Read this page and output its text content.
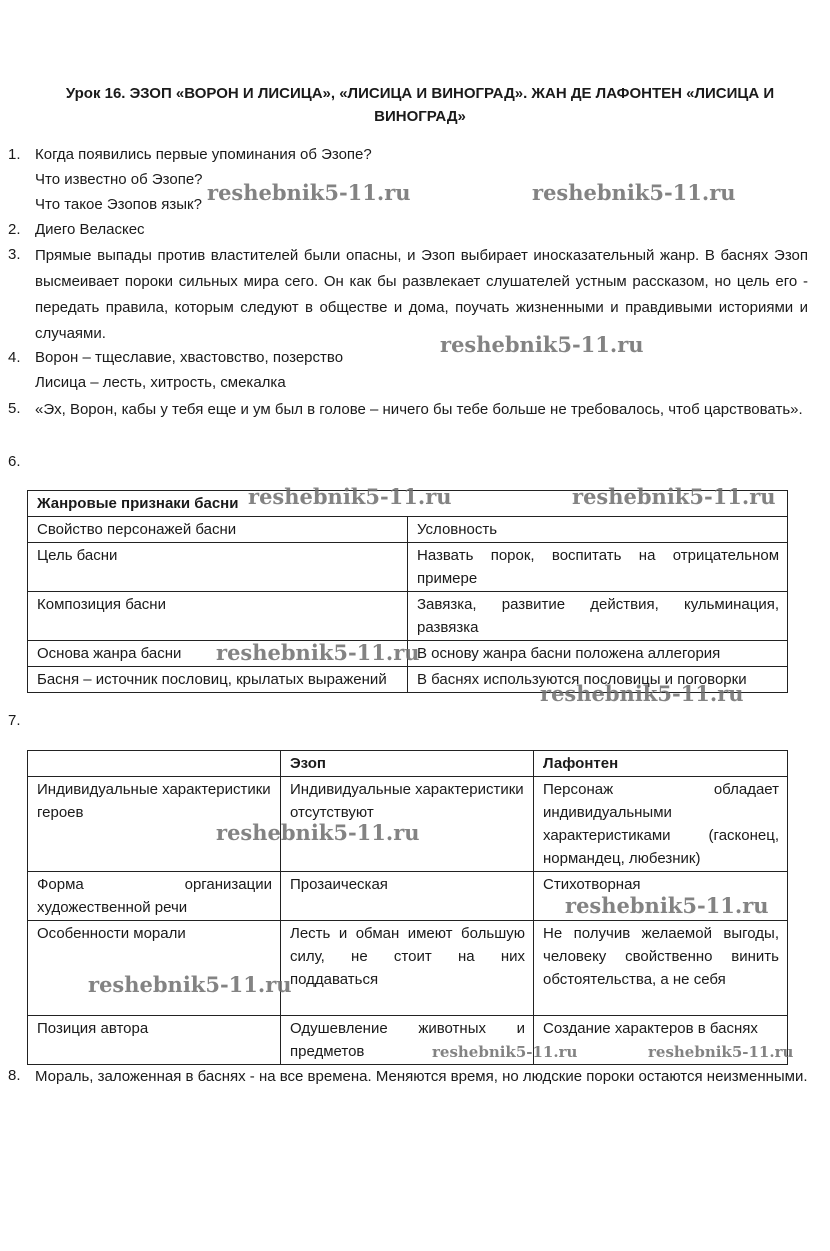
Урок 16. ЭЗОП «ВОРОН И ЛИСИЦА», «ЛИСИЦА И ВИНОГРАД». ЖАН ДЕ ЛАФОНТЕН «ЛИСИЦА И ВИНОГРАД»
1. Когда появились первые упоминания об Эзопе?
Что известно об Эзопе?
Что такое Эзопов язык?
2. Диего Веласкес
3. Прямые выпады против властителей были опасны, и Эзоп выбирает иносказательный жанр. В баснях Эзоп высмеивает пороки сильных мира сего. Он как бы развлекает слушателей устным рассказом, но цель его - передать правила, которым следуют в обществе и дома, поучать жизненными и правдивыми историями и случаями.
4. Ворон – тщеславие, хвастовство, позерство
Лисица – лесть, хитрость, смекалка
5. «Эх, Ворон, кабы у тебя еще и ум был в голове – ничего бы тебе больше не требовалось, чтоб царствовать».
6.
Жанровые признаки басни	
Свойство персонажей басни	Условность
Цель басни	Назвать порок, воспитать на отрицательном примере
Композиция басни	Завязка, развитие действия, кульминация, развязка
Основа жанра басни	В основу жанра басни положена аллегория
Басня – источник пословиц, крылатых выражений	В баснях используются пословицы и поговорки
7.
	Эзоп	Лафонтен
Индивидуальные характеристики героев	Индивидуальные характеристики отсутствуют	Персонаж обладает индивидуальными характеристиками (гасконец, нормандец, любезник)
Форма организации художественной речи	Прозаическая	Стихотворная
Особенности морали	Лесть и обман имеют большую силу, не стоит на них поддаваться	Не получив желаемой выгоды, человеку свойственно винить обстоятельства, а не себя
Позиция автора	Одушевление животных и предметов	Создание характеров в баснях
8. Мораль, заложенная в баснях - на все времена. Меняются время, но людские пороки остаются неизменными.
reshebnik5-11.ru	reshebnik5-11.ru
reshebnik5-11.ru
reshebnik5-11.ru	reshebnik5-11.ru
reshebnik5-11.ru
reshebnik5-11.ru
reshebnik5-11.ru
reshebnik5-11.ru
reshebnik5-11.ru
reshebnik5-11.ru	reshebnik5-11.ru
